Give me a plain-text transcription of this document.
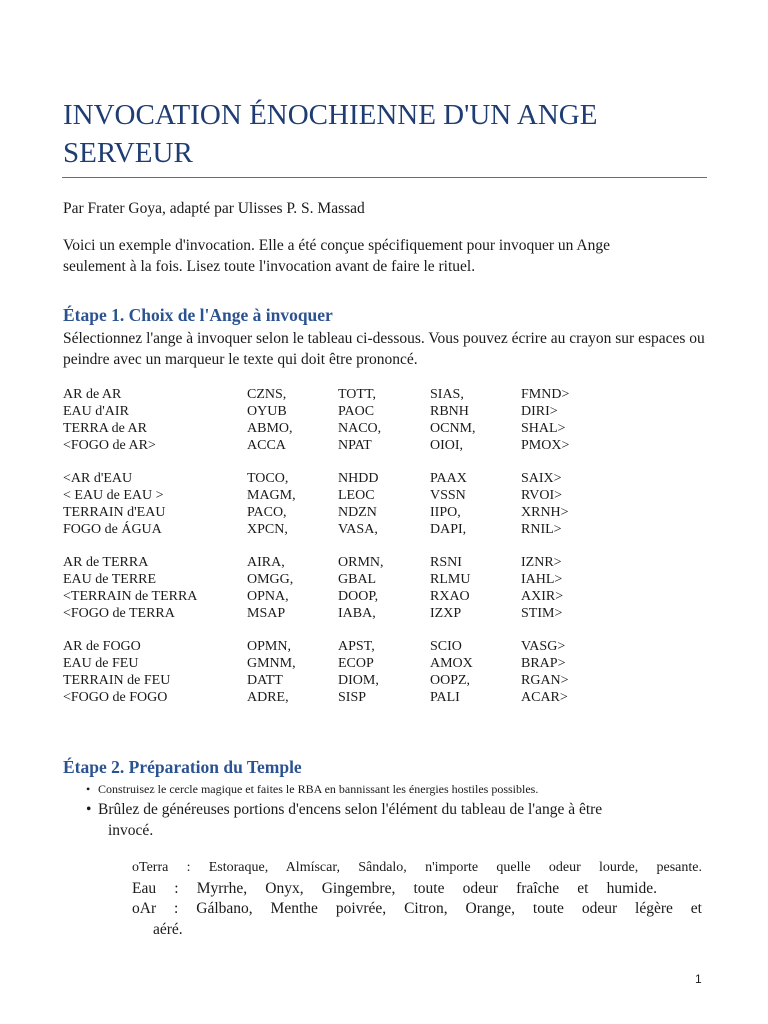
INVOCATION ÉNOCHIENNE D'UN ANGE SERVEUR

Par Frater Goya, adapté par Ulisses P. S. Massad

Voici un exemple d'invocation. Elle a été conçue spécifiquement pour invoquer un Ange seulement à la fois. Lisez toute l'invocation avant de faire le rituel.

Étape 1. Choix de l'Ange à invoquer

Sélectionnez l'ange à invoquer selon le tableau ci-dessous. Vous pouvez écrire au crayon sur espaces ou peindre avec un marqueur le texte qui doit être prononcé.

AR de AR	CZNS,	TOTT,	SIAS,	FMND>
EAU d'AIR	OYUB	PAOC	RBNH	DIRI>
TERRA de AR	ABMO,	NACO,	OCNM,	SHAL>
<FOGO de AR>	ACCA	NPAT	OIOI,	PMOX>
<AR d'EAU	TOCO,	NHDD	PAAX	SAIX>
< EAU de EAU >	MAGM,	LEOC	VSSN	RVOI>
TERRAIN d'EAU	PACO,	NDZN	IIPO,	XRNH>
FOGO de ÁGUA	XPCN,	VASA,	DAPI,	RNIL>
AR de TERRA	AIRA,	ORMN,	RSNI	IZNR>
EAU de TERRE	OMGG,	GBAL	RLMU	IAHL>
<TERRAIN de TERRA	OPNA,	DOOP,	RXAO	AXIR>
<FOGO de TERRA	MSAP	IABA,	IZXP	STIM>
AR de FOGO	OPMN,	APST,	SCIO	VASG>
EAU de FEU	GMNM,	ECOP	AMOX	BRAP>
TERRAIN de FEU	DATT	DIOM,	OOPZ,	RGAN>
<FOGO de FOGO	ADRE,	SISP	PALI	ACAR>
Étape 2. Préparation du Temple
• Construisez le cercle magique et faites le RBA en bannissant les énergies hostiles possibles.
• Brûlez de généreuses portions d'encens selon l'élément du tableau de l'ange à être
invocé.
oTerra : Estoraque, Almíscar, Sândalo, n'importe quelle odeur lourde, pesante.
Eau : Myrrhe, Onyx, Gingembre, toute odeur fraîche et humide.
oAr : Gálbano, Menthe poivrée, Citron, Orange, toute odeur légère et
aéré.
1
